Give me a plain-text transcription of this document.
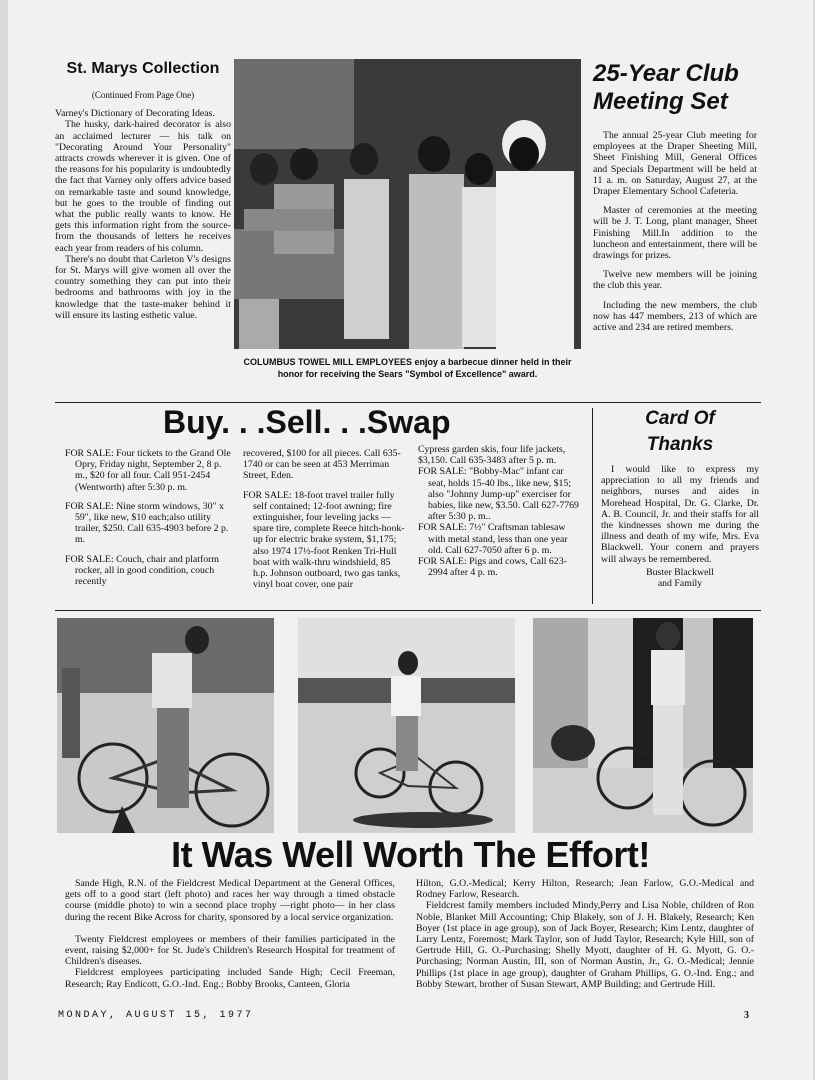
St. Marys Collection
(Continued From Page One)

Varney's Dictionary of Decorating Ideas.

The husky, dark-haired decorator is also an acclaimed lecturer — his talk on "Decorating Around Your Personality" attracts crowds wherever it is given. One of the reasons for his popularity is undoubtedly the fact that Varney only offers advice based on remarkable taste and sound knowledge, but he goes to the trouble of finding out what the public really wants to know. He gets this information right from the source-from the thousands of letters he receives each year from readers of his column.

There's no doubt that Carleton V's designs for St. Marys will give women all over the country something they can put into their bedrooms and bathrooms with joy in the knowledge that the taste-maker behind it will ensure its lasting esthetic value.

COLUMBUS TOWEL MILL EMPLOYEES enjoy a barbecue dinner held in their honor for receiving the Sears "Symbol of Excellence" award.
25-Year Club
Meeting Set

The annual 25-year Club meeting for employees at the Draper Sheeting Mill, Sheet Finishing Mill, General Offices and Specials Department will be held at 11 a. m. on Saturday, August 27, at the Draper Elementary School Cafeteria.

Master of ceremonies at the meeting will be J. T. Long, plant manager, Sheet Finishing Mill.In addition to the luncheon and entertainment, there will be drawings for prizes.

Twelve new members will be joining the club this year.

Including the new members, the club now has 447 members, 213 of which are active and 234 are retired members.

Buy. . .Sell. . .Swap

FOR SALE: Four tickets to the Grand Ole Opry, Friday night, September 2, 8 p. m., $20 for all four. Call 951-2454 (Wentworth) after 5:30 p. m.

FOR SALE: Nine storm windows, 30" x 59", like new, $10 each;also utility trailer, $250. Call 635-4903 before 2 p. m.

FOR SALE: Couch, chair and platform rocker, all in good condition, couch recently

recovered, $100 for all pieces. Call 635-1740 or can be seen at 453 Merriman Street, Eden.

FOR SALE: 18-foot travel trailer fully self contained; 12-foot awning; fire extinguisher, four leveling jacks — spare tire, complete Reece hitch-hook-up for electric brake system, $1,175; also 1974 17½-foot Renken Tri-Hull boat with walk-thru windshield, 85 h.p. Johnson outboard, two gas tanks, vinyl boat cover, one pair

Cypress garden skis, four life jackets, $3,150. Call 635-3483 after 5 p. m.

FOR SALE: "Bobby-Mac" infant car seat, holds 15-40 lbs., like new, $15; also "Johnny Jump-up" exerciser for babies, like new, $3.50. Call 627-7769 after 5:30 p. m..

FOR SALE: 7½" Craftsman tablesaw with metal stand, less than one year old. Call 627-7050 after 6 p. m.

FOR SALE: Pigs and cows, Call 623-2994 after 4 p. m.

Card Of
Thanks
I would like to express my appreciation to all my friends and neighbors, nurses and aides in Morehead Hospital, Dr. G. Clarke, Dr. A. B. Council, Jr. and their staffs for all the kindnesses shown me during the illness and death of my wife, Mrs. Eva Blackwell. Your conern and prayers will always be remembered.
Buster Blackwell
and Family
It Was Well Worth The Effort!

Sande High, R.N. of the Fieldcrest Medical Department at the General Offices, gets off to a good start (left photo) and races her way through a timed obstacle course (middle photo) to win a second place trophy —right photo— in her class during the recent Bike Across for charity, sponsored by a local service organization.

Twenty Fieldcrest employees or members of their families participated in the event, raising $2,000+ for St. Jude's Children's Research Hospital for treatment of Children's diseases.

Fieldcrest employees participating included Sande High; Cecil Freeman, Research; Ray Endicott, G.O.-Ind. Eng.; Bobby Brooks, Canteen, Gloria

Hilton, G.O.-Medical; Kerry Hilton, Research; Jean Farlow, G.O.-Medical and Rodney Farlow, Research.

Fieldcrest family members included Mindy,Perry and Lisa Noble, children of Ron Noble, Blanket Mill Accounting; Chip Blakely, son of J. H. Blakely, Research; Ken Boyer (1st place in age group), son of Jack Boyer, Research; Kim Lentz, daughter of Larry Lentz, Foremost; Mark Taylor, son of Judd Taylor, Research; Kyle Hill, son of Gertrude Hill, G. O.-Purchasing; Shelly Myott, daughter of H. G. Myott, G. O.-Purchasing; Norman Austin, III, son of Norman Austin, Jr., G. O.-Medical; Jennie Phillips (1st place in age group), daughter of Graham Phillips, G. O.-Ind. Eng.; and Bobby Stewart, brother of Susan Stewart, AMP Building; and Gertrude Hill.

MONDAY, AUGUST 15, 1977	3
